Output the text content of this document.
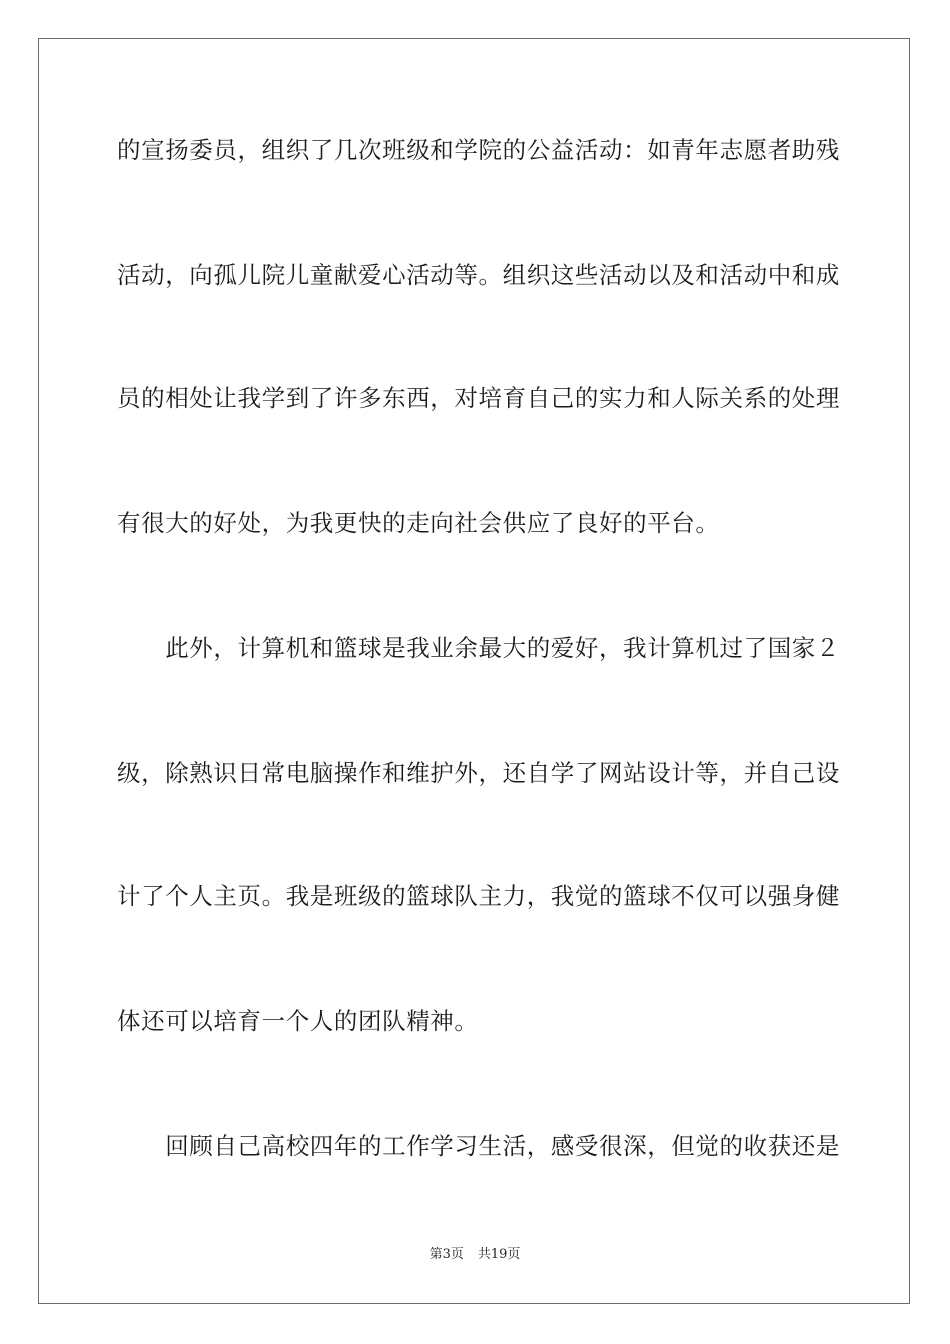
的宣扬委员，组织了几次班级和学院的公益活动：如青年志愿者助残
活动，向孤儿院儿童献爱心活动等。组织这些活动以及和活动中和成
员的相处让我学到了许多东西，对培育自己的实力和人际关系的处理
有很大的好处，为我更快的走向社会供应了良好的平台。
　　此外，计算机和篮球是我业余最大的爱好，我计算机过了国家２
级，除熟识日常电脑操作和维护外，还自学了网站设计等，并自己设
计了个人主页。我是班级的篮球队主力，我觉的篮球不仅可以强身健
体还可以培育一个人的团队精神。
　　回顾自己高校四年的工作学习生活，感受很深，但觉的收获还是
第3页 共19页
